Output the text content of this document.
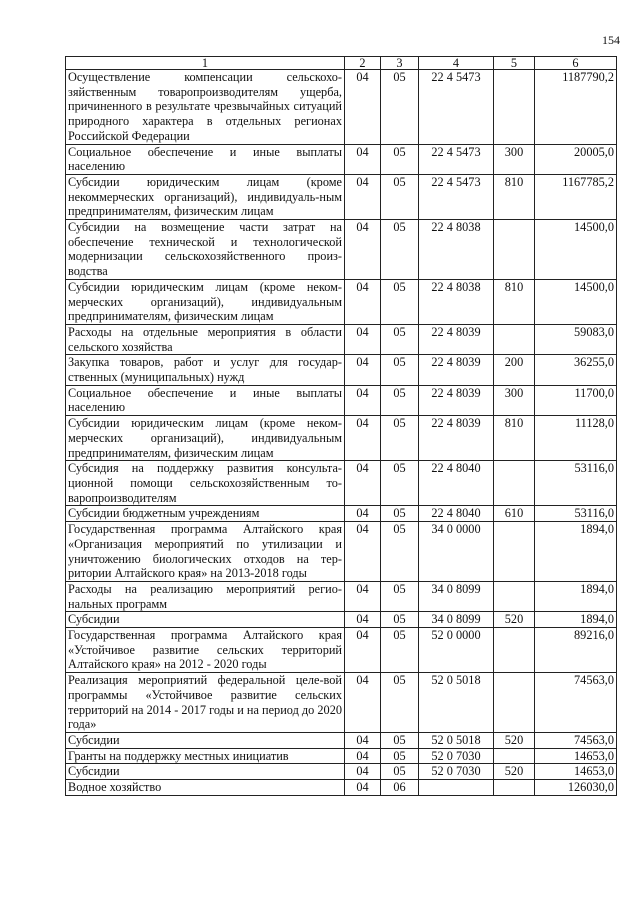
154
1	2	3	4	5	6
Осуществление компенсации сельскохо-зяйственным товаропроизводителям ущерба, причиненного в результате чрезвычайных ситуаций природного характера в отдельных регионах Российской Федерации	04	05	22 4 5473		1187790,2
Социальное обеспечение и иные выплаты населению	04	05	22 4 5473	300	20005,0
Субсидии юридическим лицам (кроме некоммерческих организаций), индивидуаль-ным предпринимателям, физическим лицам	04	05	22 4 5473	810	1167785,2
Субсидии на возмещение части затрат на обеспечение технической и технологической модернизации сельскохозяйственного произ-водства	04	05	22 4 8038		14500,0
Субсидии юридическим лицам (кроме неком-мерческих организаций), индивидуальным предпринимателям, физическим лицам	04	05	22 4 8038	810	14500,0
Расходы на отдельные мероприятия в области сельского хозяйства	04	05	22 4 8039		59083,0
Закупка товаров, работ и услуг для государ-ственных (муниципальных) нужд	04	05	22 4 8039	200	36255,0
Социальное обеспечение и иные выплаты населению	04	05	22 4 8039	300	11700,0
Субсидии юридическим лицам (кроме неком-мерческих организаций), индивидуальным предпринимателям, физическим лицам	04	05	22 4 8039	810	11128,0
Субсидия на поддержку развития консульта-ционной помощи сельскохозяйственным то-варопроизводителям	04	05	22 4 8040		53116,0
Субсидии бюджетным учреждениям	04	05	22 4 8040	610	53116,0
Государственная программа Алтайского края «Организация мероприятий по утилизации и уничтожению биологических отходов на тер-ритории Алтайского края» на 2013-2018 годы	04	05	34 0 0000		1894,0
Расходы на реализацию мероприятий регио-нальных программ	04	05	34 0 8099		1894,0
Субсидии	04	05	34 0 8099	520	1894,0
Государственная программа Алтайского края «Устойчивое развитие сельских территорий Алтайского края» на 2012 - 2020 годы	04	05	52 0 0000		89216,0
Реализация мероприятий федеральной целе-вой программы «Устойчивое развитие сельских территорий на 2014 - 2017 годы и на период до 2020 года»	04	05	52 0 5018		74563,0
Субсидии	04	05	52 0 5018	520	74563,0
Гранты на поддержку местных инициатив	04	05	52 0 7030		14653,0
Субсидии	04	05	52 0 7030	520	14653,0
Водное хозяйство	04	06			126030,0
